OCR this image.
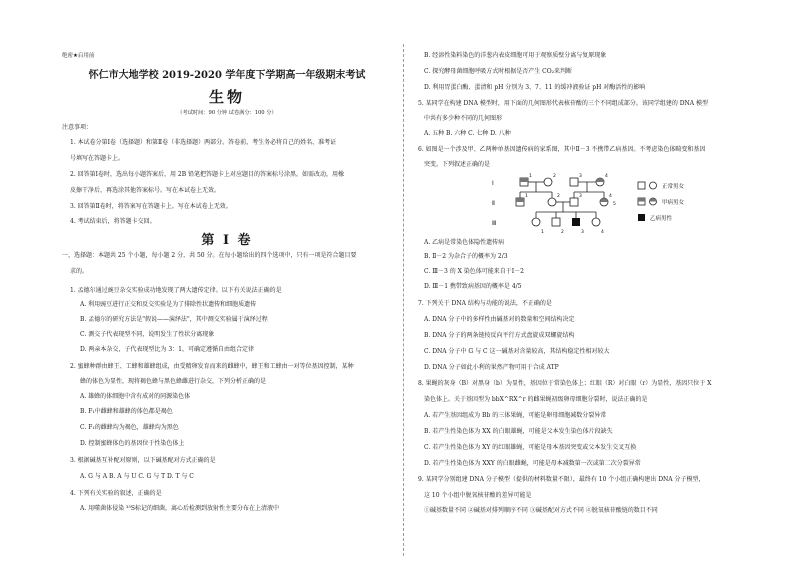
绝密★启用前
怀仁市大地学校 2019-2020 学年度下学期高一年级期末考试
生物
（考试时间：90 分钟 试卷满分：100 分）
注意事项：
1. 本试卷分第Ⅰ卷（选择题）和第Ⅱ卷（非选择题）两部分。答卷前，考生务必将自己的姓名、准考证
号填写在答题卡上。
2. 回答第Ⅰ卷时，选出每小题答案后，用 2B 铅笔把答题卡上对应题目的答案标号涂黑。如需改动，用橡
皮擦干净后，再选涂其他答案标号。写在本试卷上无效。
3. 回答第Ⅱ卷时，将答案写在答题卡上。写在本试卷上无效。
4. 考试结束后，将答题卡交回。
第 Ⅰ 卷
一、选择题：本题共 25 个小题，每小题 2 分，共 50 分。在每小题给出的四个选项中，只有一项是符合题目要
求的。
1. 孟德尔通过豌豆杂交实验成功地发现了两大遗传定律。以下有关说法正确的是
A. 利用豌豆进行正交和反交实验是为了排除性状遗传和细胞质遗传
B. 孟德尔的研究方法是"假说——演绎法"，其中测交实验属于演绎过程
C. 测交子代表现型不同，说明发生了性状分离现象
D. 两亲本杂交，子代表现型比为 3：1，可确定遵循自由组合定律
2. 蜜蜂种群由蜂王、工蜂和雄蜂组成，由受精卵发育而来的雌蜂中，蜂王和工蜂由一对等位基因控制，某种
蜂的体色为显性，现将褐色蜂与黑色蜂雌进行杂交，下列分析正确的是
A. 雄蜂的体细胞中含有成对的同源染色体
B. F₁中雌蜂和雄蜂的体色都是褐色
C. F₁的雌蜂均为褐色，雄蜂均为黑色
D. 控制蜜蜂体色的基因位于性染色体上
3. 根据碱基互补配对原则，以下碱基配对方式正确的是
A. G 与 A B. A 与 U C. G 与 T D. T 与 C
4. 下列有关实验的叙述，正确的是
A. 用噬菌体侵染 ³⁵S标记的细菌，离心后检测到放射性主要分布在上清液中
B. 经溶性染料染色的洋葱内表皮细胞可用于观察质壁分离与复原现象
C. 探究酵母菌细胞呼吸方式时根据是否产生 CO₂来判断
D. 利用胃蛋白酶、蛋清和 pH 分别为 3、7、11 的缓冲液验证 pH 对酶活性的影响
5. 某同学在构建 DNA 模型时，用下面的几何图形代表核苷酸的三个不同组成部分。该同学组建的 DNA 模型
中共有多少种不同的几何图形
A. 五种 B. 六种 C. 七种 D. 八种
6. 如图是一个涉及甲、乙两种单基因遗传病的家系图，其中Ⅱ－3 不携带乙病基因。不考虑染色体畸变和基因
突变。下列叙述正确的是
Ⅰ
Ⅱ
Ⅲ
1	2	3	4
1	2	3	4
5
1	2	3	4
正常男女
甲病男女
乙病男性
A. 乙病是常染色体隐性遗传病
B. Ⅱ－2 为杂合子的概率为 2/3
C. Ⅲ－3 的 X 染色体可能来自于Ⅰ－2
D. Ⅲ－1 携带致病基因的概率是 4/5
7. 下列关于 DNA 结构与功能的说法，不正确的是
A. DNA 分子中的多样性由碱基对的数量和空间结构决定
B. DNA 分子的两条链按反向平行方式盘旋成双螺旋结构
C. DNA 分子中 G 与 C 这一碱基对含量较高，其结构稳定性相对较大
D. DNA 分子如此小利的果然产物可用于合成 ATP
8. 果蝇的灰身（B）对黑身（b）为显性，基因位于常染色体上；红眼（R）对白眼（r）为显性，基因只位于 X
染色体上。关于基因型为 bbX^RX^r 的雌果蝇初级卵母细胞分裂时，说法正确的是
A. 若产生基因组成为 Bb 的三体果蝇，可能是卵母细胞减数分裂异常
B. 若产生性染色体为 XX 的白眼雄蝇，可能是父本发生染色体片段缺失
C. 若产生性染色体为 XY 的红眼雄蝇，可能是母本基因突变或父本发生交叉互换
D. 若产生性染色体为 XXY 的白眼雌蝇，可能是母本减数第一次或第二次分裂异常
9. 某同学分别组建 DNA 分子模型（提供的材料数量不限），最终有 10 个小组正确构建出 DNA 分子模型，
这 10 个小组中脱氧核苷酸的差异可能是
①碱基数量不同 ②碱基对排列顺序不同 ③碱基配对方式不同 ④脱氧核苷酸链的数目不同
